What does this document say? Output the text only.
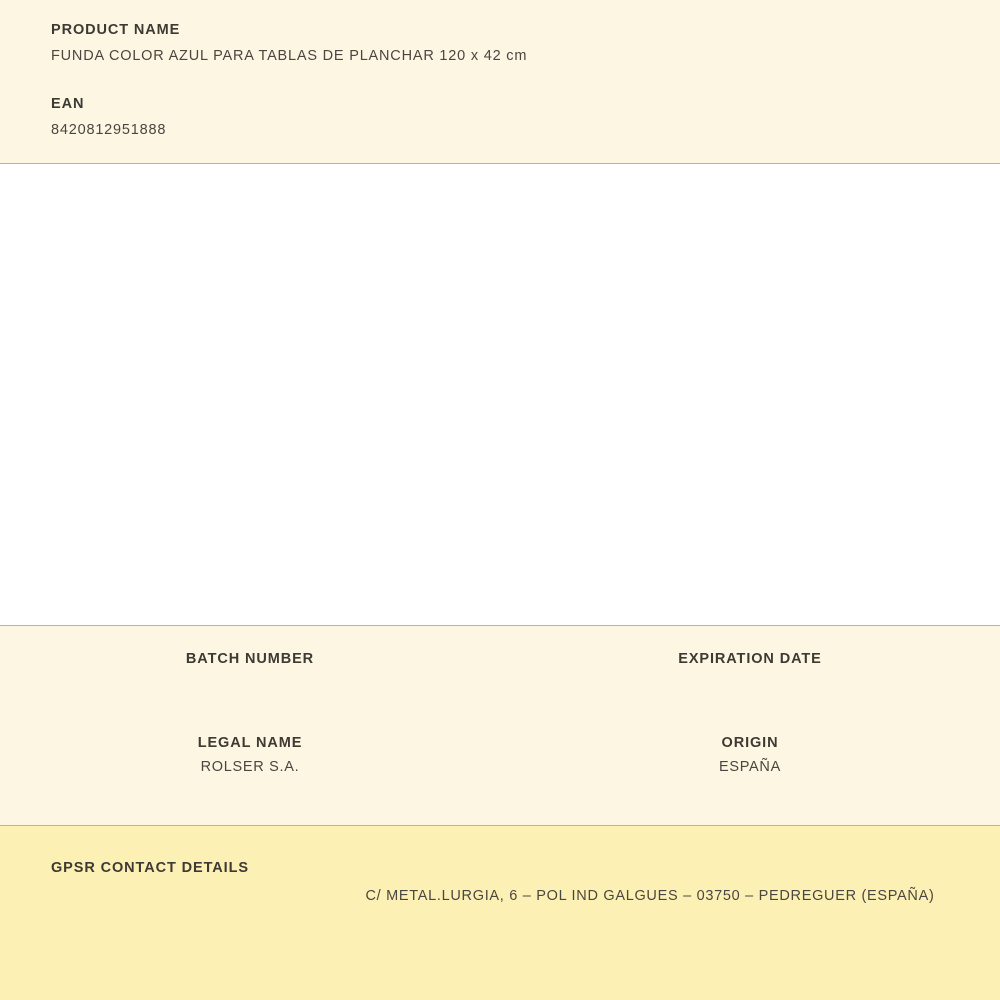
PRODUCT NAME
FUNDA COLOR AZUL PARA TABLAS DE PLANCHAR 120 x 42 cm
EAN
8420812951888
BATCH NUMBER	EXPIRATION DATE
LEGAL NAME
ROLSER S.A.
ORIGIN
ESPAÑA
GPSR CONTACT DETAILS
C/ METAL.LURGIA, 6 – POL IND GALGUES – 03750 – PEDREGUER (ESPAÑA)
